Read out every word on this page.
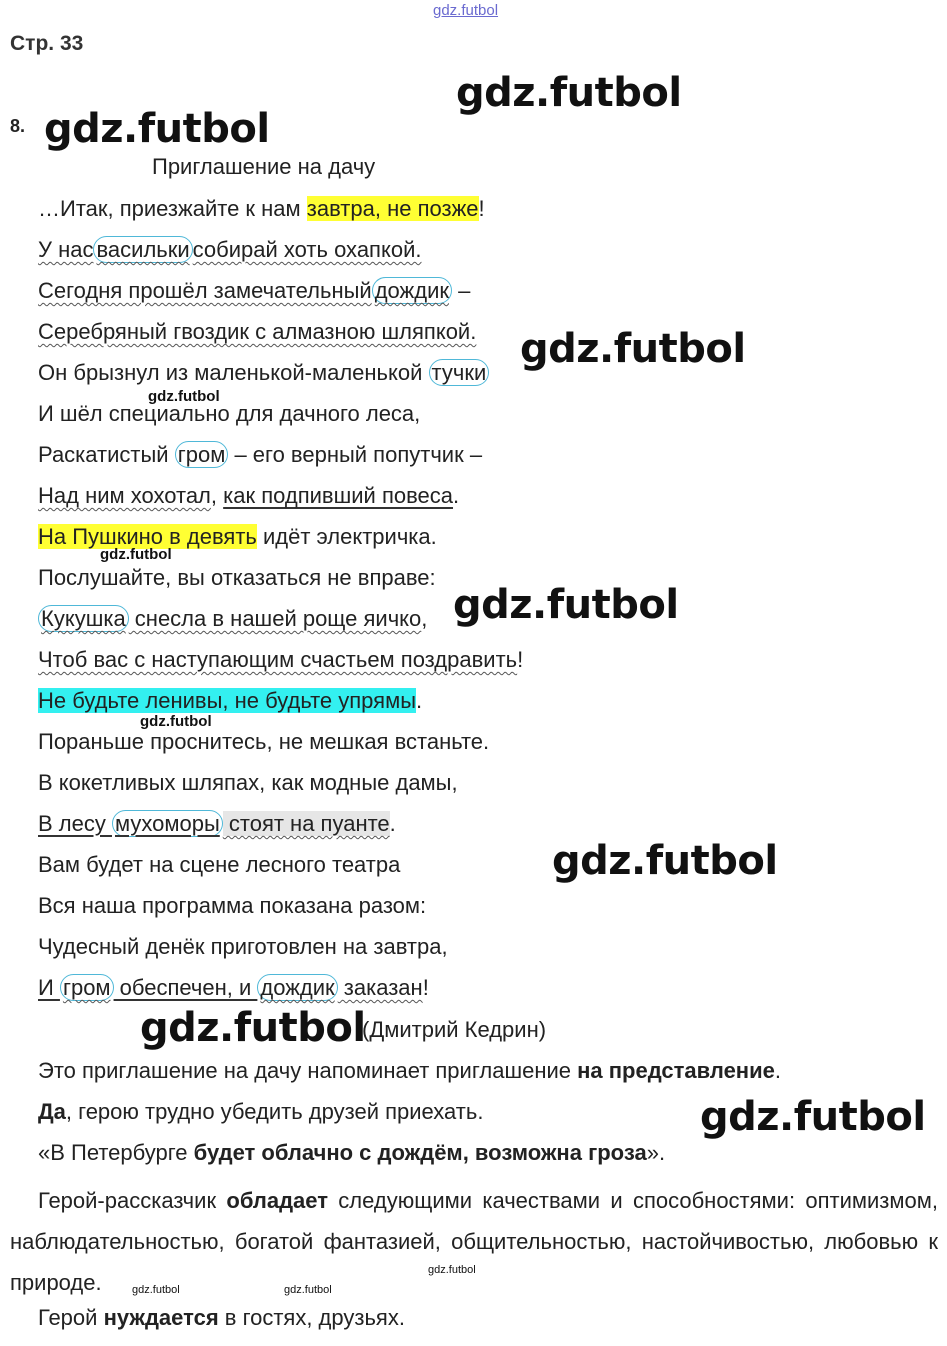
gdz.futbol
Стр. 33
8.
Приглашение на дачу
…Итак, приезжайте к нам завтра, не позже!
У нас васильки собирай хоть охапкой.
Сегодня прошёл замечательный дождик –
Серебряный гвоздик с алмазною шляпкой.
Он брызнул из маленькой-маленькой тучки
И шёл специально для дачного леса,
Раскатистый гром – его верный попутчик –
Над ним хохотал, как подпивший повеса.
На Пушкино в девять идёт электричка.
Послушайте, вы отказаться не вправе:
Кукушка снесла в нашей роще яичко,
Чтоб вас с наступающим счастьем поздравить!
Не будьте ленивы, не будьте упрямы.
Пораньше проснитесь, не мешкая встаньте.
В кокетливых шляпах, как модные дамы,
В лесу мухоморы стоят на пуанте.
Вам будет на сцене лесного театра
Вся наша программа показана разом:
Чудесный денёк приготовлен на завтра,
И гром обеспечен, и дождик заказан!
(Дмитрий Кедрин)
Это приглашение на дачу напоминает приглашение на представление.
Да, герою трудно убедить друзей приехать.
«В Петербурге будет облачно с дождём, возможна гроза».
Герой-рассказчик обладает следующими качествами и способностями: оптимизмом, наблюдательностью, богатой фантазией, общительностью, настойчивостью, любовью к природе.
Герой нуждается в гостях, друзьях.
gdz.futbol
gdz.futbol
gdz.futbol
gdz.futbol
gdz.futbol
gdz.futbol
gdz.futbol
gdz.futbol
gdz.futbol
gdz.futbol
gdz.futbol
gdz.futbol	gdz.futbol
